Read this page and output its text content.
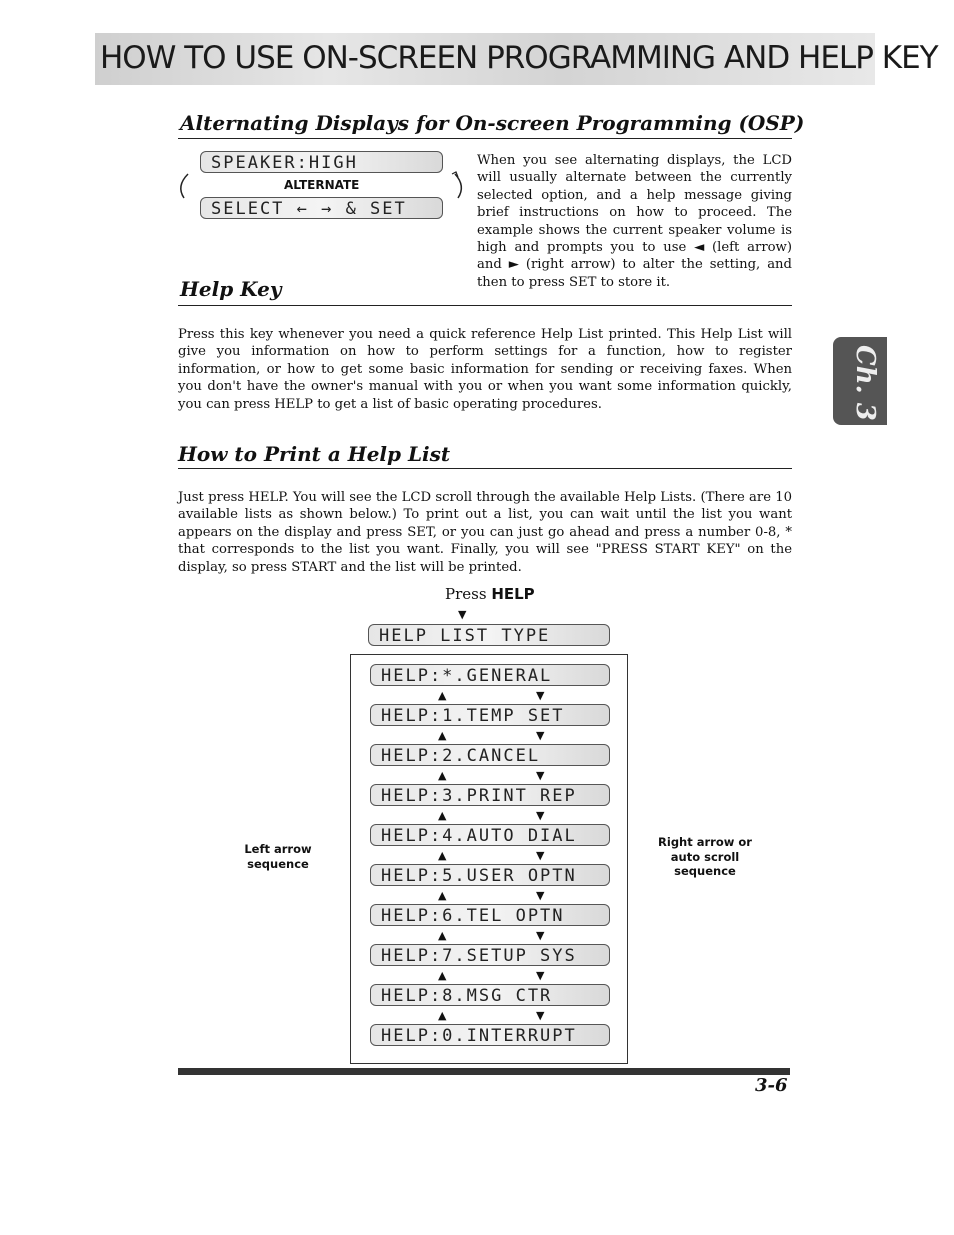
HOW TO USE ON-SCREEN PROGRAMMING AND HELP KEY
Alternating Displays for On-screen Programming (OSP)
SPEAKER:HIGH
ALTERNATE
SELECT ← → & SET
When you see alternating displays, the LCD will usually alternate between the currently selected option, and a help message giving brief instructions on how to proceed. The example shows the current speaker volume is high and prompts you to use ◄ (left arrow) and ► (right arrow) to alter the setting, and then to press SET to store it.
Help Key
Press this key whenever you need a quick reference Help List printed. This Help List will give you information on how to perform settings for a function, how to register information, or how to get some basic information for sending or receiving faxes. When you don't have the owner's manual with you or when you want some information quickly, you can press HELP to get a list of basic operating procedures.	Ch. 3
How to Print a Help List
Just press HELP. You will see the LCD scroll through the available Help Lists. (There are 10 available lists as shown below.) To print out a list, you can wait until the list you want appears on the display and press SET, or you can just go ahead and press a number 0-8, * that corresponds to the list you want. Finally, you will see "PRESS START KEY" on the display, so press START and the list will be printed.
Press HELP
▼
HELP LIST TYPE
HELP:*.GENERAL
▲	▼
HELP:1.TEMP SET
▲	▼
HELP:2.CANCEL
▲	▼
HELP:3.PRINT REP
▲	▼
HELP:4.AUTO DIAL
▲	▼
HELP:5.USER OPTN
▲	▼
HELP:6.TEL OPTN
▲	▼
HELP:7.SETUP SYS
▲	▼
HELP:8.MSG CTR
▲	▼
HELP:0.INTERRUPT
Left arrow sequence
Right arrow or auto scroll sequence
3-6
